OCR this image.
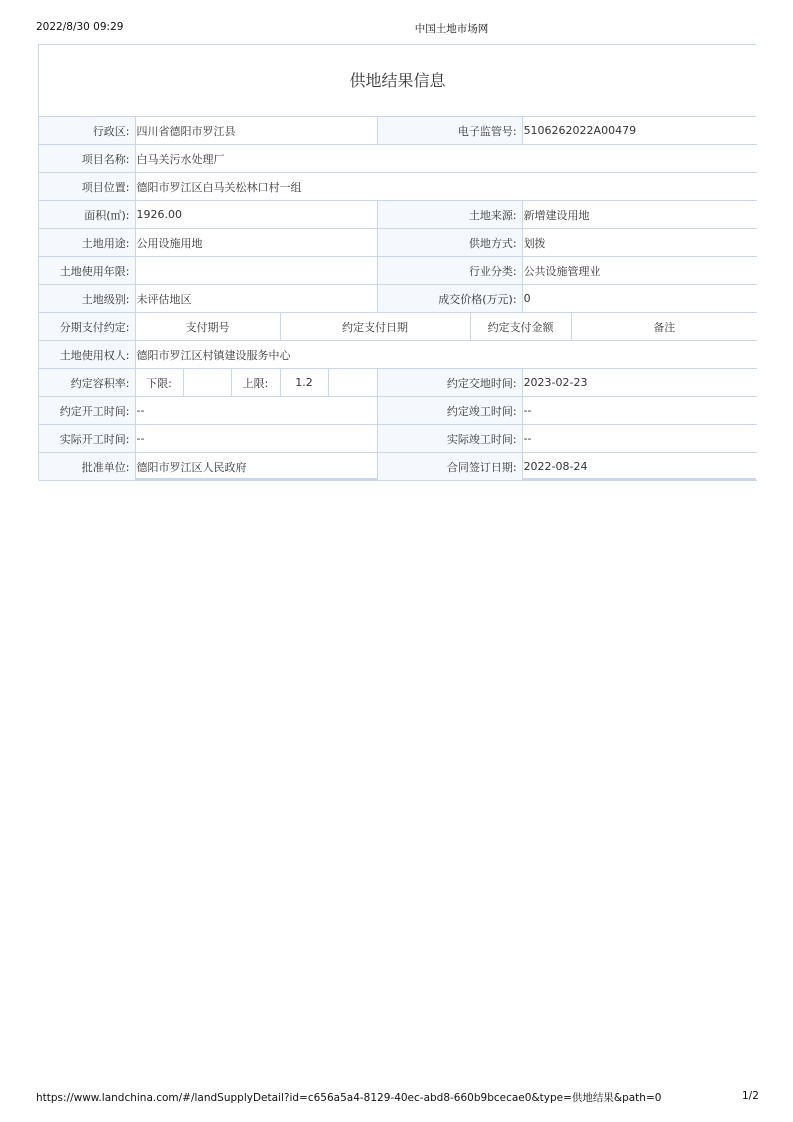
2022/8/30 09:29	中国土地市场网
供地结果信息
行政区:	四川省德阳市罗江县					电子监管号:		5106262022A00479	
项目名称:	白马关污水处理厂								
项目位置:	德阳市罗江区白马关松林口村一组								
面积(㎡):	1926.00					土地来源:		新增建设用地	
土地用途:	公用设施用地					供地方式:		划拨	
土地使用年限:						行业分类:		公共设施管理业	
土地级别:	未评估地区					成交价格(万元):		0	
分期支付约定:	支付期号			约定支付日期			约定支付金额		备注
土地使用权人:	德阳市罗江区村镇建设服务中心								
约定容积率:	下限:		上限:	1.2		约定交地时间:		2023-02-23	
约定开工时间:	--					约定竣工时间:		--	
实际开工时间:	--					实际竣工时间:		--	
批准单位:	德阳市罗江区人民政府					合同签订日期:		2022-08-24	
https://www.landchina.com/#/landSupplyDetail?id=c656a5a4-8129-40ec-abd8-660b9bcecae0&type=供地结果&path=0	1/2
